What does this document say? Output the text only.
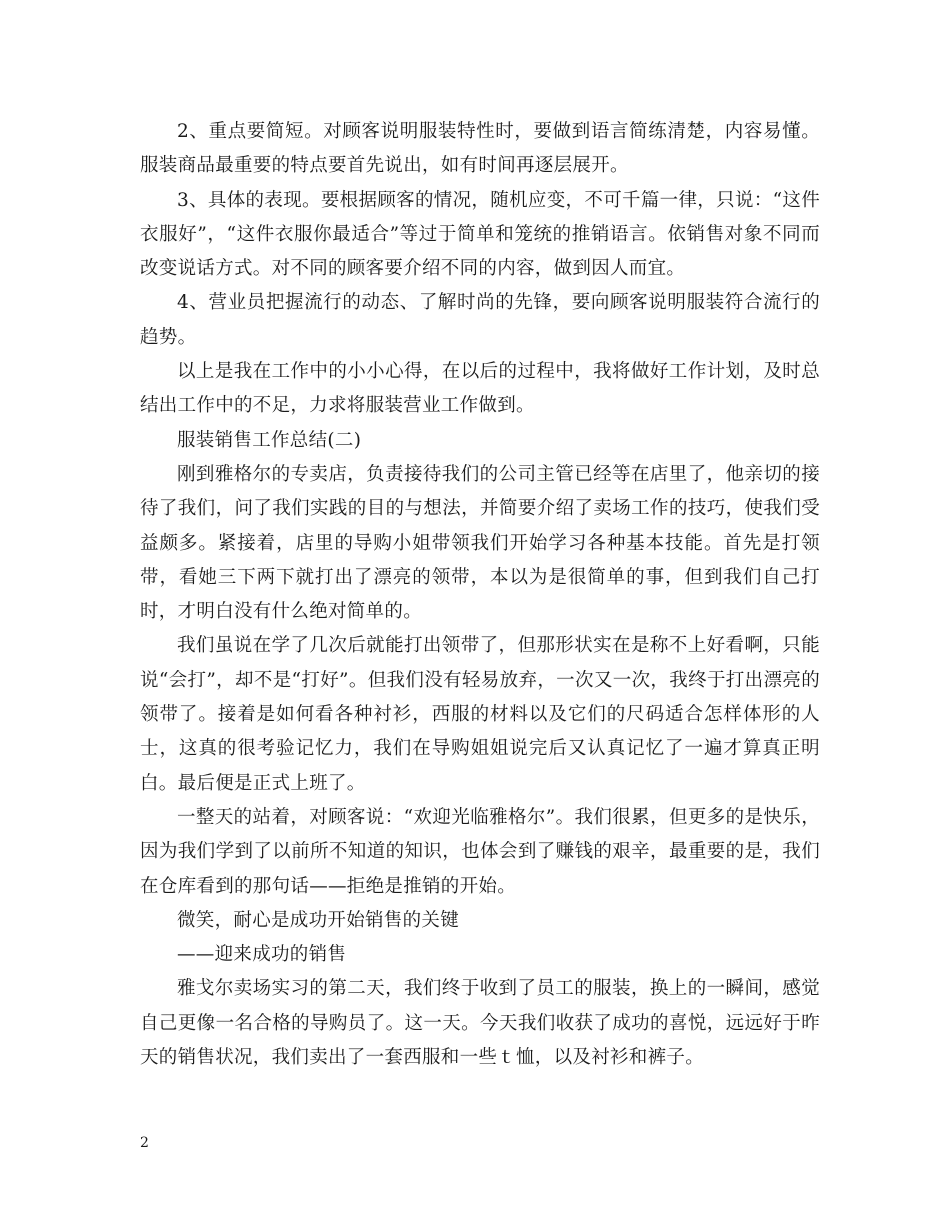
2、重点要简短。对顾客说明服装特性时，要做到语言简练清楚，内容易懂。服装商品最重要的特点要首先说出，如有时间再逐层展开。

3、具体的表现。要根据顾客的情况，随机应变，不可千篇一律，只说：“这件衣服好”，“这件衣服你最适合”等过于简单和笼统的推销语言。依销售对象不同而改变说话方式。对不同的顾客要介绍不同的内容，做到因人而宜。

4、营业员把握流行的动态、了解时尚的先锋，要向顾客说明服装符合流行的趋势。

以上是我在工作中的小小心得，在以后的过程中，我将做好工作计划，及时总结出工作中的不足，力求将服装营业工作做到。

服装销售工作总结(二)

刚到雅格尔的专卖店，负责接待我们的公司主管已经等在店里了，他亲切的接待了我们，问了我们实践的目的与想法，并简要介绍了卖场工作的技巧，使我们受益颇多。紧接着，店里的导购小姐带领我们开始学习各种基本技能。首先是打领带，看她三下两下就打出了漂亮的领带，本以为是很简单的事，但到我们自己打时，才明白没有什么绝对简单的。

我们虽说在学了几次后就能打出领带了，但那形状实在是称不上好看啊，只能说“会打”，却不是“打好”。但我们没有轻易放弃，一次又一次，我终于打出漂亮的领带了。接着是如何看各种衬衫，西服的材料以及它们的尺码适合怎样体形的人士，这真的很考验记忆力，我们在导购姐姐说完后又认真记忆了一遍才算真正明白。最后便是正式上班了。

一整天的站着，对顾客说：“欢迎光临雅格尔”。我们很累，但更多的是快乐，因为我们学到了以前所不知道的知识，也体会到了赚钱的艰辛，最重要的是，我们在仓库看到的那句话——拒绝是推销的开始。

微笑，耐心是成功开始销售的关键

——迎来成功的销售

雅戈尔卖场实习的第二天，我们终于收到了员工的服装，换上的一瞬间，感觉自己更像一名合格的导购员了。这一天。今天我们收获了成功的喜悦，远远好于昨天的销售状况，我们卖出了一套西服和一些ｔ恤，以及衬衫和裤子。

2
